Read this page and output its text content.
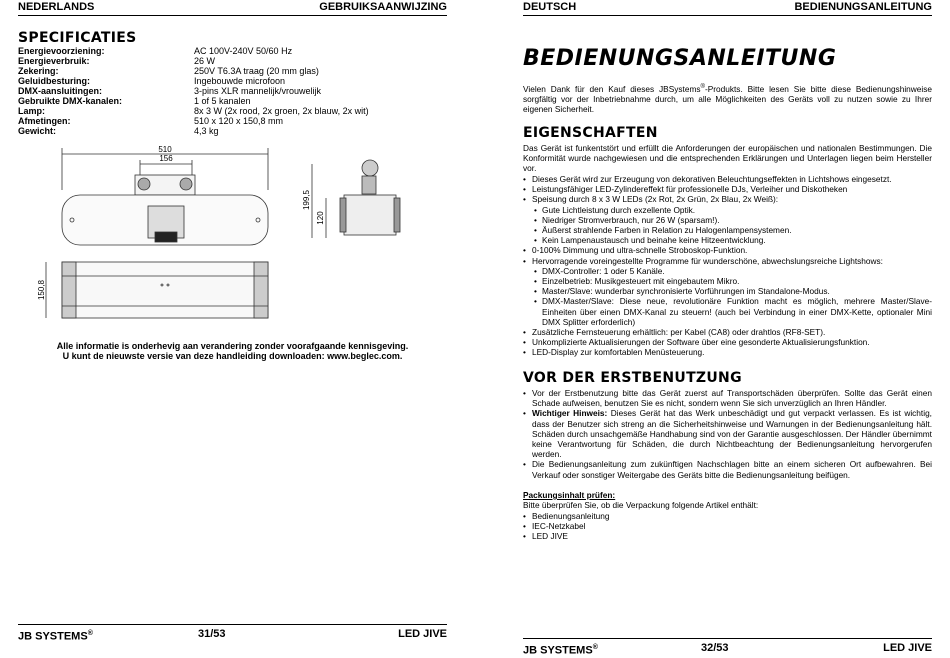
NEDERLANDS	GEBRUIKSAANWIJZING
SPECIFICATIES
Energievoorziening:	AC 100V-240V 50/60 Hz
Energieverbruik:	26 W
Zekering:	250V T6.3A traag (20 mm glas)
Geluidbesturing:	Ingebouwde microfoon
DMX-aansluitingen:	3-pins XLR mannelijk/vrouwelijk
Gebruikte DMX-kanalen:	1 of 5 kanalen
Lamp:	8x 3 W (2x rood, 2x groen, 2x blauw, 2x wit)
Afmetingen:	510 x 120 x 150,8 mm
Gewicht:	4,3 kg
510
156
199,5
120
150,8
Alle informatie is onderhevig aan verandering zonder voorafgaande kennisgeving.
U kunt de nieuwste versie van deze handleiding downloaden: www.beglec.com.
JB SYSTEMS®	31/53	LED JIVE
DEUTSCH	BEDIENUNGSANLEITUNG
BEDIENUNGSANLEITUNG
Vielen Dank für den Kauf dieses JBSystems®-Produkts. Bitte lesen Sie bitte diese Bedienungshinweise sorgfältig vor der Inbetriebnahme durch, um alle Möglichkeiten des Geräts voll zu nutzen sowie zu Ihrer eigenen Sicherheit.
EIGENSCHAFTEN
Das Gerät ist funkentstört und erfüllt die Anforderungen der europäischen und nationalen Bestimmungen. Die Konformität wurde nachgewiesen und die entsprechenden Erklärungen und Unterlagen liegen beim Hersteller vor.
• Dieses Gerät wird zur Erzeugung von dekorativen Beleuchtungseffekten in Lichtshows eingesetzt.
• Leistungsfähiger LED-Zylindereffekt für professionelle DJs, Verleiher und Diskotheken
• Speisung durch 8 x 3 W LEDs (2x Rot, 2x Grün, 2x Blau, 2x Weiß):
• Gute Lichtleistung durch exzellente Optik.
• Niedriger Stromverbrauch, nur 26 W (sparsam!).
• Äußerst strahlende Farben in Relation zu Halogenlampensystemen.
• Kein Lampenaustausch und beinahe keine Hitzeentwicklung.
• 0-100% Dimmung und ultra-schnelle Stroboskop-Funktion.
• Hervorragende voreingestellte Programme für wunderschöne, abwechslungsreiche Lightshows:
• DMX-Controller: 1 oder 5 Kanäle.
• Einzelbetrieb: Musikgesteuert mit eingebautem Mikro.
• Master/Slave: wunderbar synchronisierte Vorführungen im Standalone-Modus.
• DMX-Master/Slave: Diese neue, revolutionäre Funktion macht es möglich, mehrere Master/Slave-Einheiten über einen DMX-Kanal zu steuern! (auch bei Verbindung in einer DMX-Kette, optionaler Mini DMX Splitter erforderlich)
• Zusätzliche Fernsteuerung erhältlich: per Kabel (CA8) oder drahtlos (RF8-SET).
• Unkomplizierte Aktualisierungen der Software über eine gesonderte Aktualisierungsfunktion.
• LED-Display zur komfortablen Menüsteuerung.
VOR DER ERSTBENUTZUNG
• Vor der Erstbenutzung bitte das Gerät zuerst auf Transportschäden überprüfen. Sollte das Gerät einen Schade aufweisen, benutzen Sie es nicht, sondern wenn Sie sich unverzüglich an Ihren Händler.
• Wichtiger Hinweis: Dieses Gerät hat das Werk unbeschädigt und gut verpackt verlassen. Es ist wichtig, dass der Benutzer sich streng an die Sicherheitshinweise und Warnungen in der Bedienungsanleitung hält. Schäden durch unsachgemäße Handhabung sind von der Garantie ausgeschlossen. Der Händler übernimmt keine Verantwortung für Schäden, die durch Nichtbeachtung der Bedienungsanleitung hervorgerufen werden.
• Die Bedienungsanleitung zum zukünftigen Nachschlagen bitte an einem sicheren Ort aufbewahren. Bei Verkauf oder sonstiger Weitergabe des Geräts bitte die Bedienungsanleitung beifügen.
Packungsinhalt prüfen:
Bitte überprüfen Sie, ob die Verpackung folgende Artikel enthält:
• Bedienungsanleitung
• IEC-Netzkabel
• LED JIVE
JB SYSTEMS®	32/53	LED JIVE
